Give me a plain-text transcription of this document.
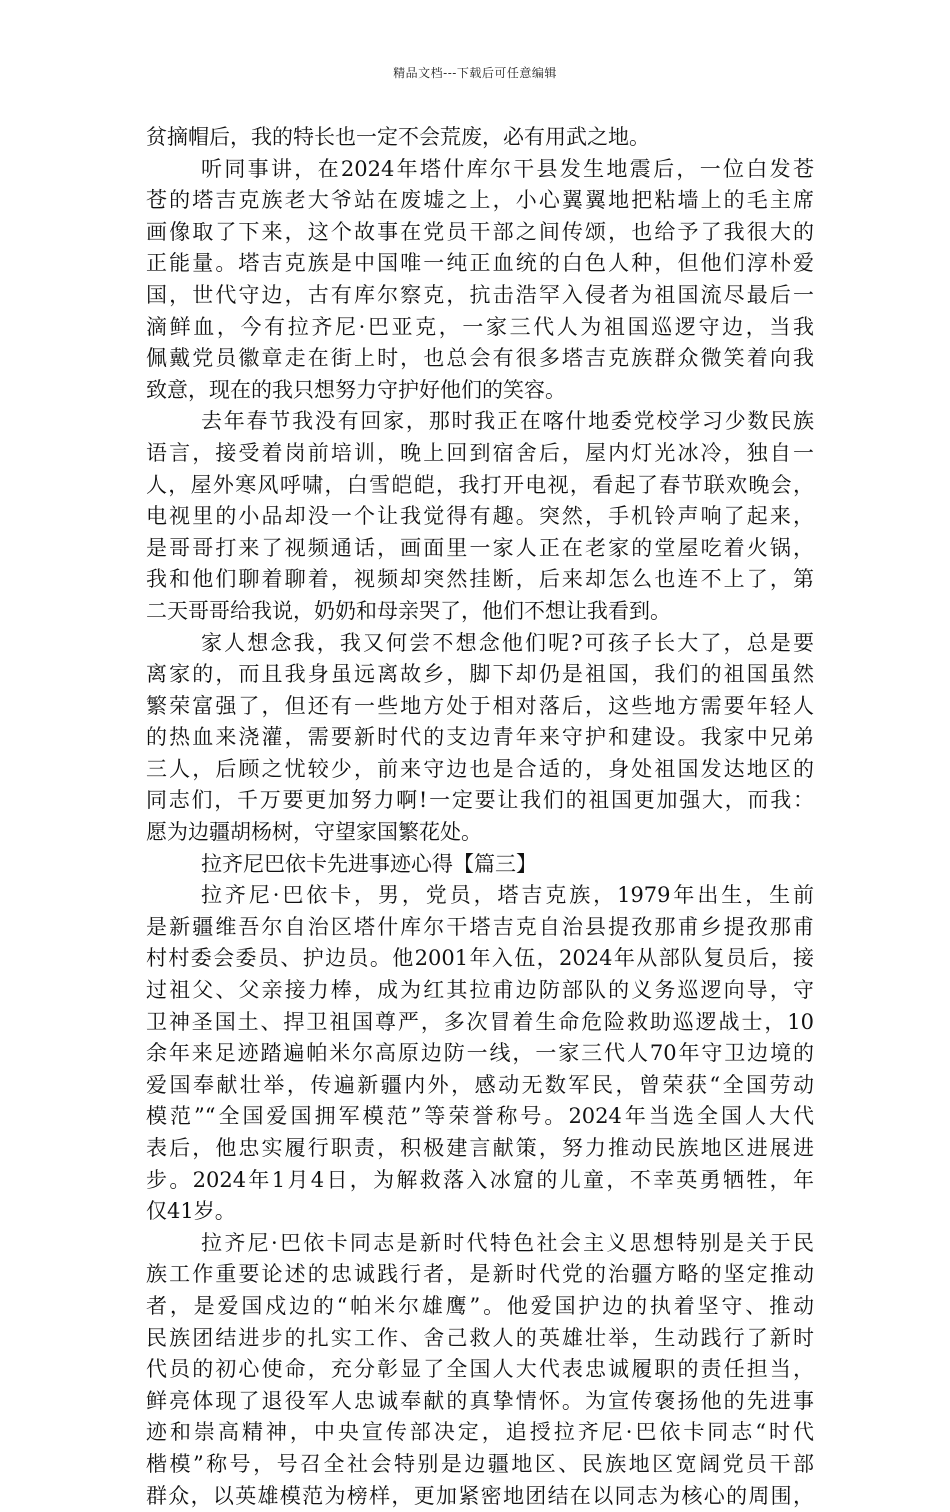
精品文档---下载后可任意编辑
贫摘帽后，我的特长也一定不会荒废，必有用武之地。
听同事讲，在2024年塔什库尔干县发生地震后，一位白发苍
苍的塔吉克族老大爷站在废墟之上，小心翼翼地把粘墙上的毛主席
画像取了下来，这个故事在党员干部之间传颂，也给予了我很大的
正能量。塔吉克族是中国唯一纯正血统的白色人种，但他们淳朴爱
国，世代守边，古有库尔察克，抗击浩罕入侵者为祖国流尽最后一
滴鲜血，今有拉齐尼·巴亚克，一家三代人为祖国巡逻守边，当我
佩戴党员徽章走在街上时，也总会有很多塔吉克族群众微笑着向我
致意，现在的我只想努力守护好他们的笑容。
去年春节我没有回家，那时我正在喀什地委党校学习少数民族
语言，接受着岗前培训，晚上回到宿舍后，屋内灯光冰冷，独自一
人，屋外寒风呼啸，白雪皑皑，我打开电视，看起了春节联欢晚会，
电视里的小品却没一个让我觉得有趣。突然，手机铃声响了起来，
是哥哥打来了视频通话，画面里一家人正在老家的堂屋吃着火锅，
我和他们聊着聊着，视频却突然挂断，后来却怎么也连不上了，第
二天哥哥给我说，奶奶和母亲哭了，他们不想让我看到。
家人想念我，我又何尝不想念他们呢?可孩子长大了，总是要
离家的，而且我身虽远离故乡，脚下却仍是祖国，我们的祖国虽然
繁荣富强了，但还有一些地方处于相对落后，这些地方需要年轻人
的热血来浇灌，需要新时代的支边青年来守护和建设。我家中兄弟
三人，后顾之忧较少，前来守边也是合适的，身处祖国发达地区的
同志们，千万要更加努力啊!一定要让我们的祖国更加强大，而我：
愿为边疆胡杨树，守望家国繁花处。
拉齐尼巴依卡先进事迹心得【篇三】
拉齐尼·巴依卡，男，党员，塔吉克族，1979年出生，生前
是新疆维吾尔自治区塔什库尔干塔吉克自治县提孜那甫乡提孜那甫
村村委会委员、护边员。他2001年入伍，2024年从部队复员后，接
过祖父、父亲接力棒，成为红其拉甫边防部队的义务巡逻向导，守
卫神圣国土、捍卫祖国尊严，多次冒着生命危险救助巡逻战士，10
余年来足迹踏遍帕米尔高原边防一线，一家三代人70年守卫边境的
爱国奉献壮举，传遍新疆内外，感动无数军民，曾荣获“全国劳动
模范”“全国爱国拥军模范”等荣誉称号。2024年当选全国人大代
表后，他忠实履行职责，积极建言献策，努力推动民族地区进展进
步。2024年1月4日，为解救落入冰窟的儿童，不幸英勇牺牲，年
仅41岁。
拉齐尼·巴依卡同志是新时代特色社会主义思想特别是关于民
族工作重要论述的忠诚践行者，是新时代党的治疆方略的坚定推动
者，是爱国戍边的“帕米尔雄鹰”。他爱国护边的执着坚守、推动
民族团结进步的扎实工作、舍己救人的英雄壮举，生动践行了新时
代员的初心使命，充分彰显了全国人大代表忠诚履职的责任担当，
鲜亮体现了退役军人忠诚奉献的真挚情怀。为宣传褒扬他的先进事
迹和崇高精神，中央宣传部决定，追授拉齐尼·巴依卡同志“时代
楷模”称号，号召全社会特别是边疆地区、民族地区宽阔党员干部
群众，以英雄模范为榜样，更加紧密地团结在以同志为核心的周围，
